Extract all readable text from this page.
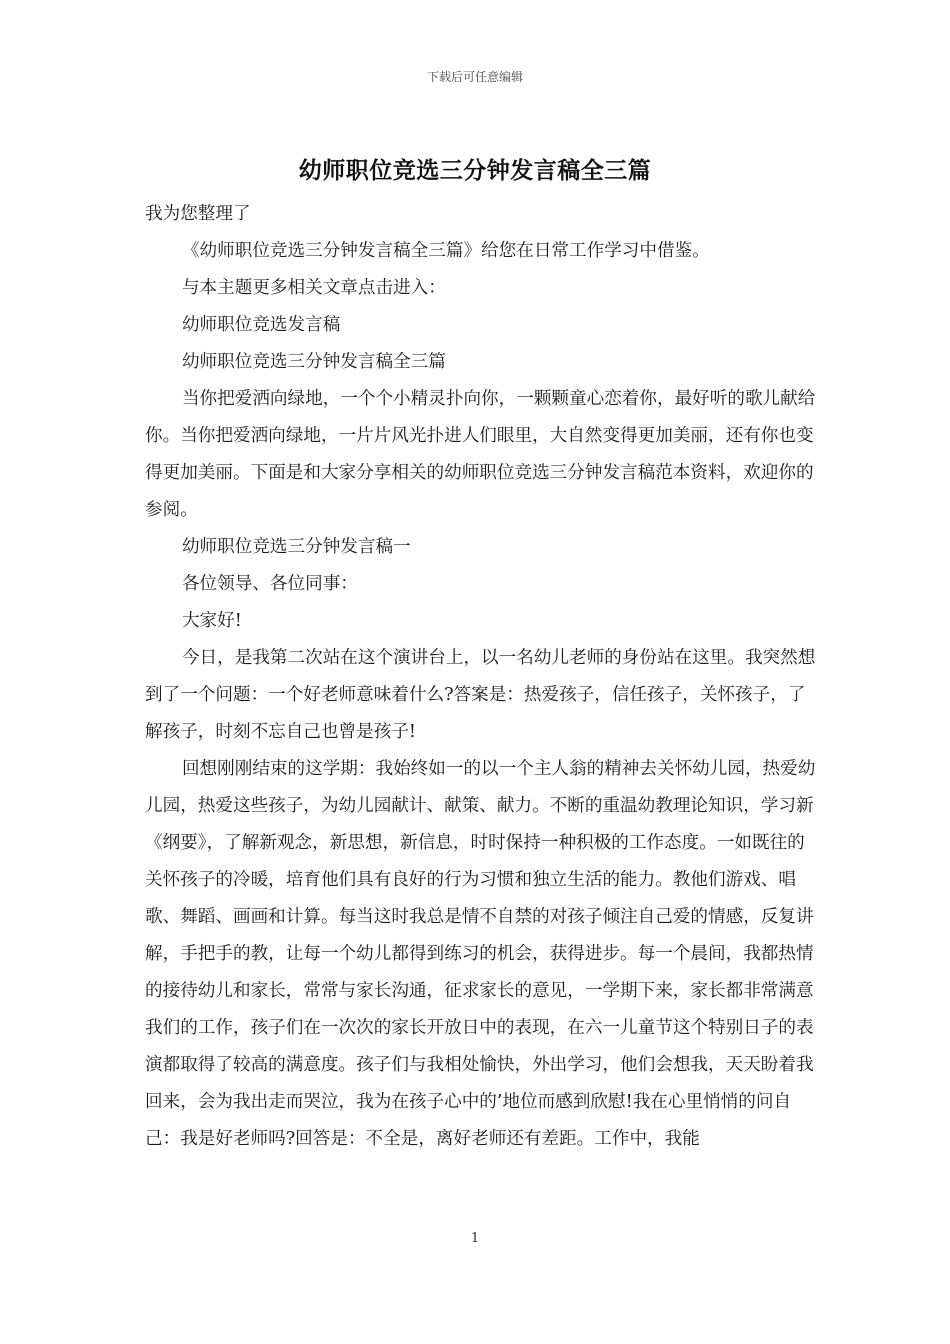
下载后可任意编辑
幼师职位竞选三分钟发言稿全三篇

我为您整理了

《幼师职位竞选三分钟发言稿全三篇》给您在日常工作学习中借鉴。

与本主题更多相关文章点击进入：

幼师职位竞选发言稿

幼师职位竞选三分钟发言稿全三篇

当你把爱洒向绿地，一个个小精灵扑向你，一颗颗童心恋着你，最好听的歌儿献给你。当你把爱洒向绿地，一片片风光扑进人们眼里，大自然变得更加美丽，还有你也变得更加美丽。下面是和大家分享相关的幼师职位竞选三分钟发言稿范本资料，欢迎你的参阅。

幼师职位竞选三分钟发言稿一

各位领导、各位同事：

大家好!

今日，是我第二次站在这个演讲台上，以一名幼儿老师的身份站在这里。我突然想到了一个问题：一个好老师意味着什么?答案是：热爱孩子，信任孩子，关怀孩子，了解孩子，时刻不忘自己也曾是孩子!

回想刚刚结束的这学期：我始终如一的以一个主人翁的精神去关怀幼儿园，热爱幼儿园，热爱这些孩子，为幼儿园献计、献策、献力。不断的重温幼教理论知识，学习新《纲要》，了解新观念，新思想，新信息，时时保持一种积极的工作态度。一如既往的关怀孩子的冷暖，培育他们具有良好的行为习惯和独立生活的能力。教他们游戏、唱歌、舞蹈、画画和计算。每当这时我总是情不自禁的对孩子倾注自己爱的情感，反复讲解，手把手的教，让每一个幼儿都得到练习的机会，获得进步。每一个晨间，我都热情的接待幼儿和家长，常常与家长沟通，征求家长的意见，一学期下来，家长都非常满意我们的工作，孩子们在一次次的家长开放日中的表现，在六一儿童节这个特别日子的表演都取得了较高的满意度。孩子们与我相处愉快，外出学习，他们会想我，天天盼着我回来，会为我出走而哭泣，我为在孩子心中的’地位而感到欣慰!我在心里悄悄的问自己：我是好老师吗?回答是：不全是，离好老师还有差距。工作中，我能

1
